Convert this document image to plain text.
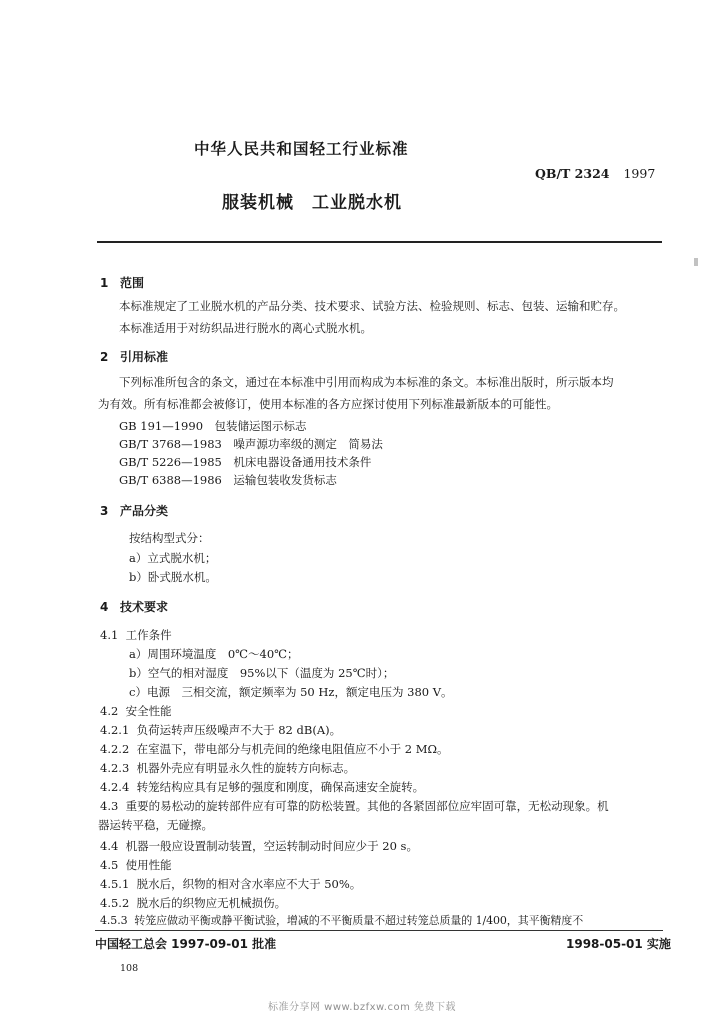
中华人民共和国轻工行业标准
QB/T 2324 1997
服装机械　工业脱水机
1 范围
本标准规定了工业脱水机的产品分类、技术要求、试验方法、检验规则、标志、包装、运输和贮存。
本标准适用于对纺织品进行脱水的离心式脱水机。
2 引用标准
下列标准所包含的条文，通过在本标准中引用而构成为本标准的条文。本标准出版时，所示版本均
为有效。所有标准都会被修订，使用本标准的各方应探讨使用下列标准最新版本的可能性。
GB 191—1990　包装储运图示标志
GB/T 3768—1983　噪声源功率级的测定　简易法
GB/T 5226—1985　机床电器设备通用技术条件
GB/T 6388—1986　运输包装收发货标志
3 产品分类
按结构型式分：
a）立式脱水机；
b）卧式脱水机。
4 技术要求
4.1 工作条件
a）周围环境温度　0℃～40℃；
b）空气的相对湿度　95%以下（温度为 25℃时）；
c）电源　三相交流，额定频率为 50 Hz，额定电压为 380 V。
4.2 安全性能
4.2.1 负荷运转声压级噪声不大于 82 dB(A)。
4.2.2 在室温下，带电部分与机壳间的绝缘电阻值应不小于 2 MΩ。
4.2.3 机器外壳应有明显永久性的旋转方向标志。
4.2.4 转笼结构应具有足够的强度和刚度，确保高速安全旋转。
4.3 重要的易松动的旋转部件应有可靠的防松装置。其他的各紧固部位应牢固可靠，无松动现象。机
器运转平稳，无碰擦。
4.4 机器一般应设置制动装置，空运转制动时间应少于 20 s。
4.5 使用性能
4.5.1 脱水后，织物的相对含水率应不大于 50%。
4.5.2 脱水后的织物应无机械损伤。
4.5.3 转笼应做动平衡或静平衡试验，增减的不平衡质量不超过转笼总质量的 1/400，其平衡精度不
中国轻工总会 1997-09-01 批准	1998-05-01 实施
108
标准分享网 www.bzfxw.com 免费下载
